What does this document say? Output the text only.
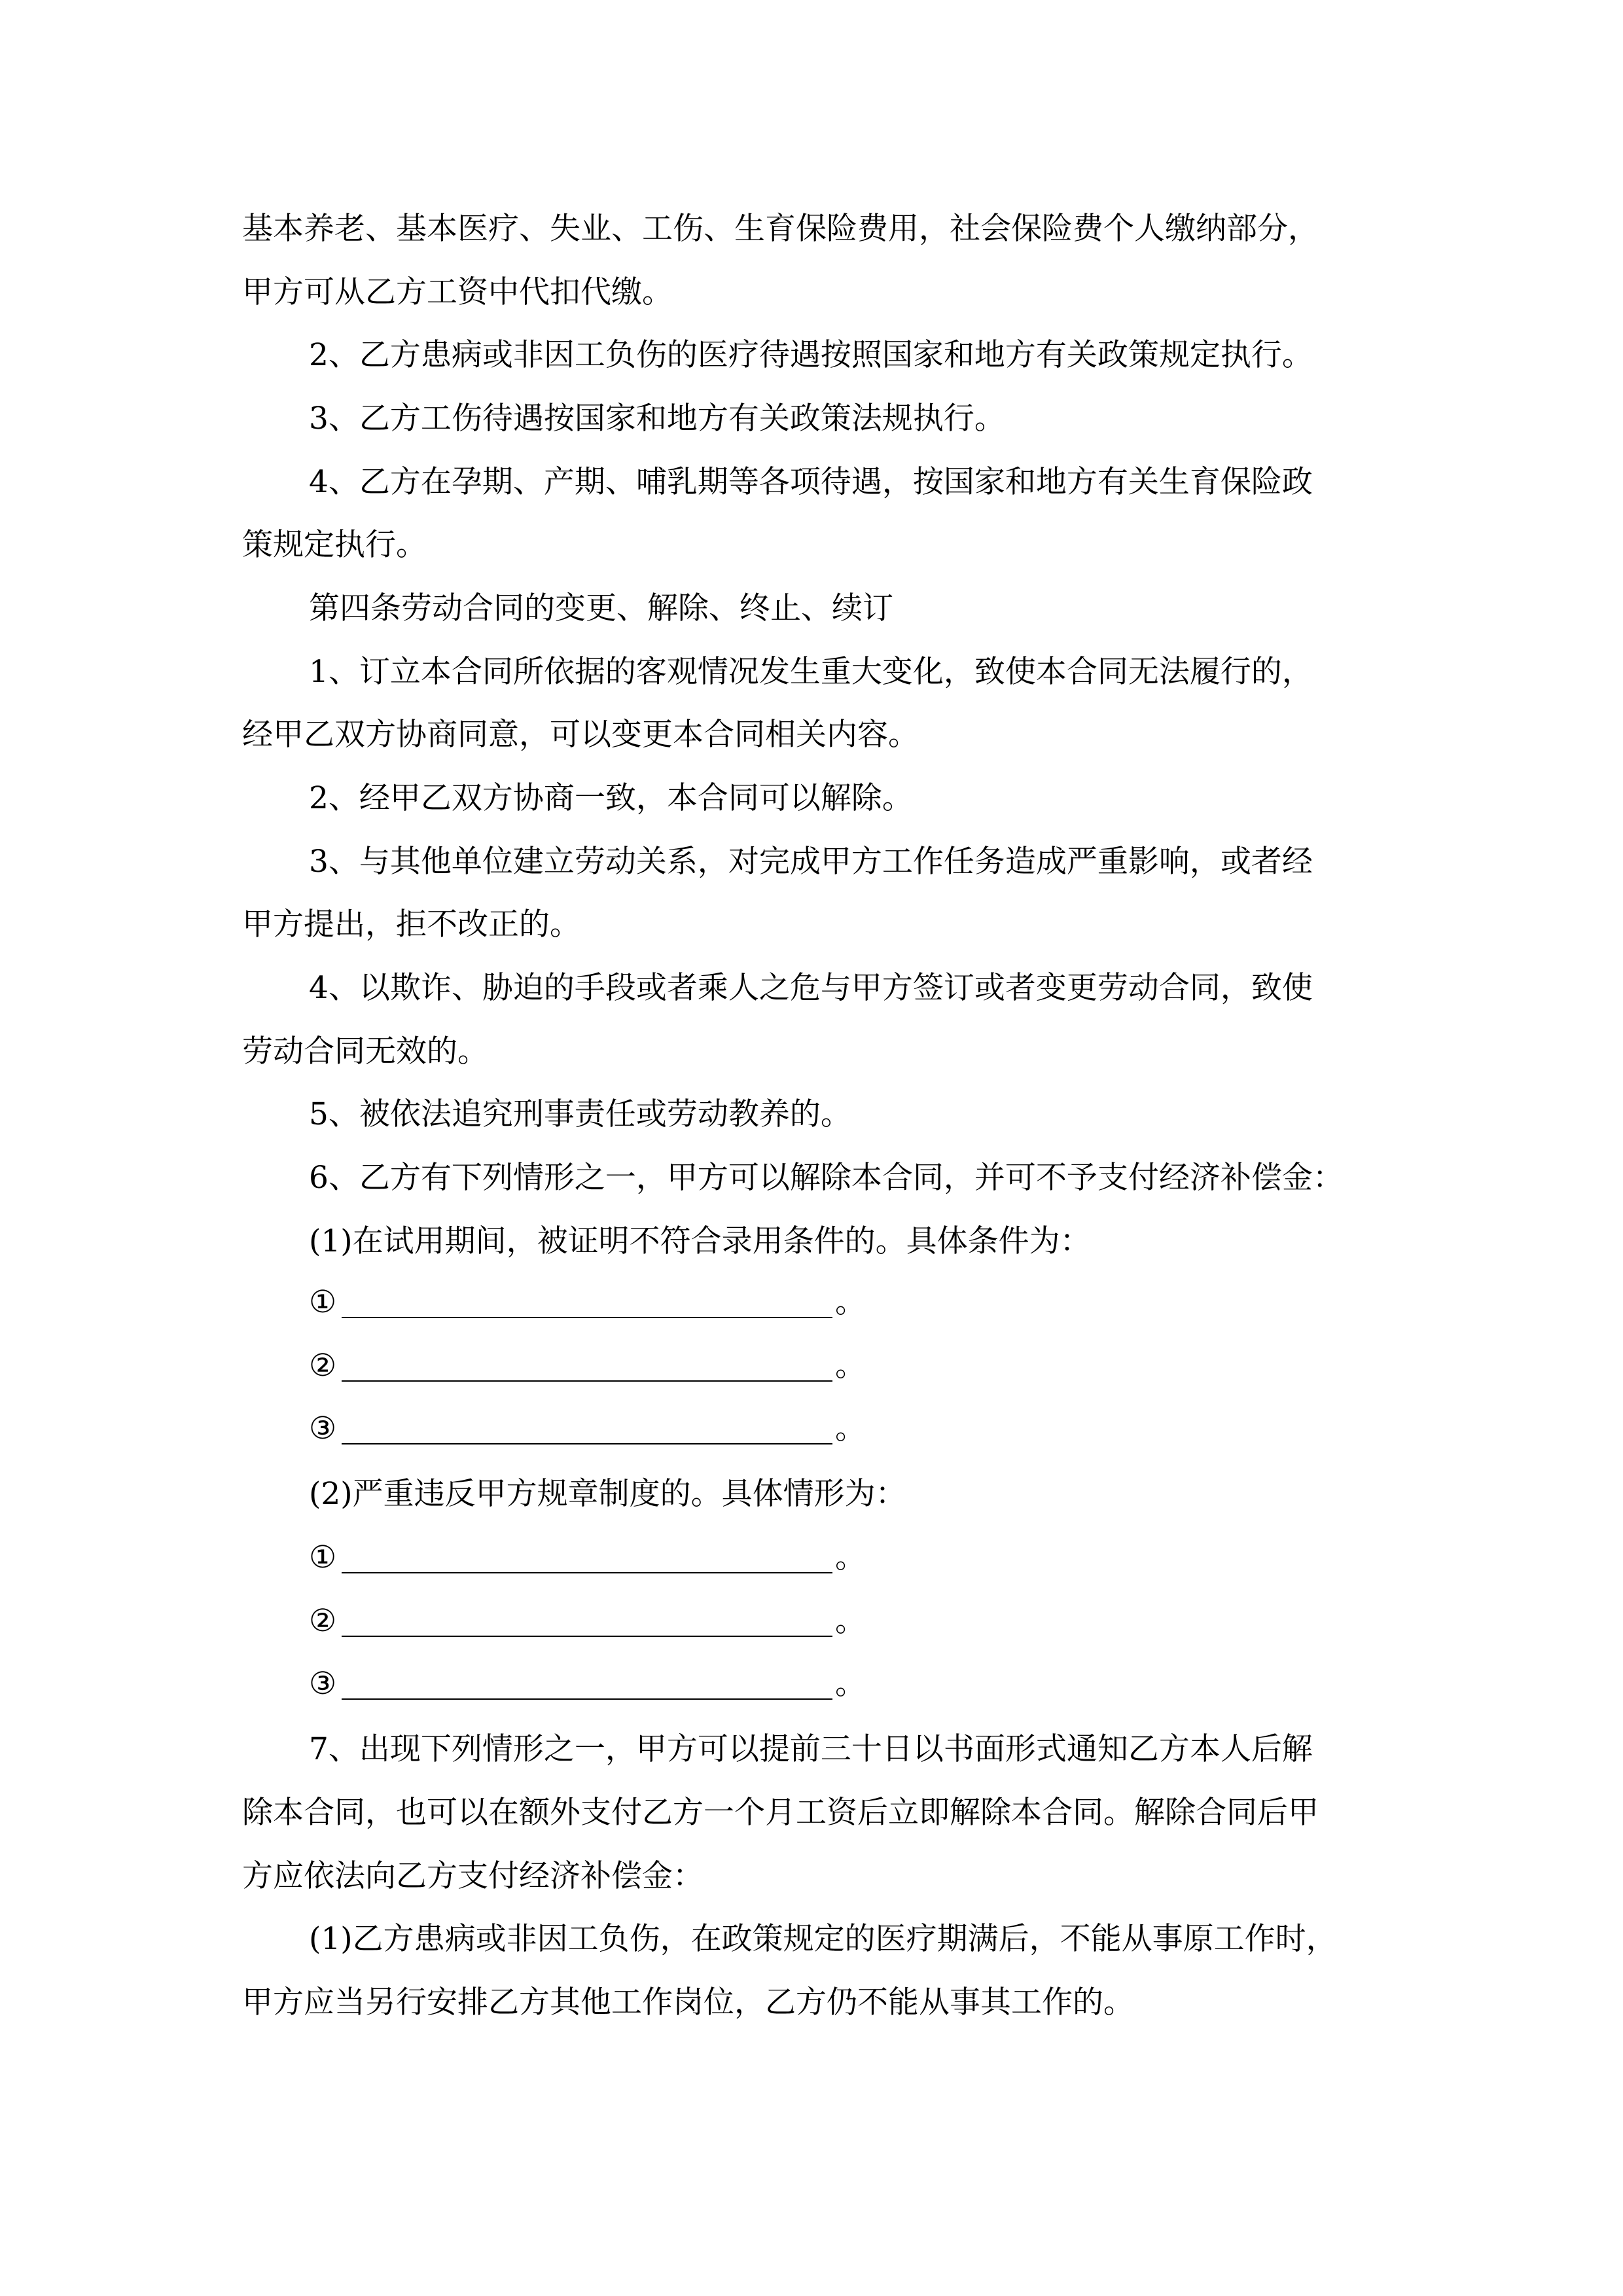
基本养老、基本医疗、失业、工伤、生育保险费用，社会保险费个人缴纳部分，
甲方可从乙方工资中代扣代缴。
2、乙方患病或非因工负伤的医疗待遇按照国家和地方有关政策规定执行。
3、乙方工伤待遇按国家和地方有关政策法规执行。
4、乙方在孕期、产期、哺乳期等各项待遇，按国家和地方有关生育保险政
策规定执行。
第四条劳动合同的变更、解除、终止、续订
1、订立本合同所依据的客观情况发生重大变化，致使本合同无法履行的，
经甲乙双方协商同意，可以变更本合同相关内容。
2、经甲乙双方协商一致，本合同可以解除。
3、与其他单位建立劳动关系，对完成甲方工作任务造成严重影响，或者经
甲方提出，拒不改正的。
4、以欺诈、胁迫的手段或者乘人之危与甲方签订或者变更劳动合同，致使
劳动合同无效的。
5、被依法追究刑事责任或劳动教养的。
6、乙方有下列情形之一，甲方可以解除本合同，并可不予支付经济补偿金：
(1)在试用期间，被证明不符合录用条件的。具体条件为：
①	。
②	。
③	。
(2)严重违反甲方规章制度的。具体情形为：
①	。
②	。
③	。
7、出现下列情形之一，甲方可以提前三十日以书面形式通知乙方本人后解
除本合同，也可以在额外支付乙方一个月工资后立即解除本合同。解除合同后甲
方应依法向乙方支付经济补偿金：
(1)乙方患病或非因工负伤，在政策规定的医疗期满后，不能从事原工作时，
甲方应当另行安排乙方其他工作岗位，乙方仍不能从事其工作的。
